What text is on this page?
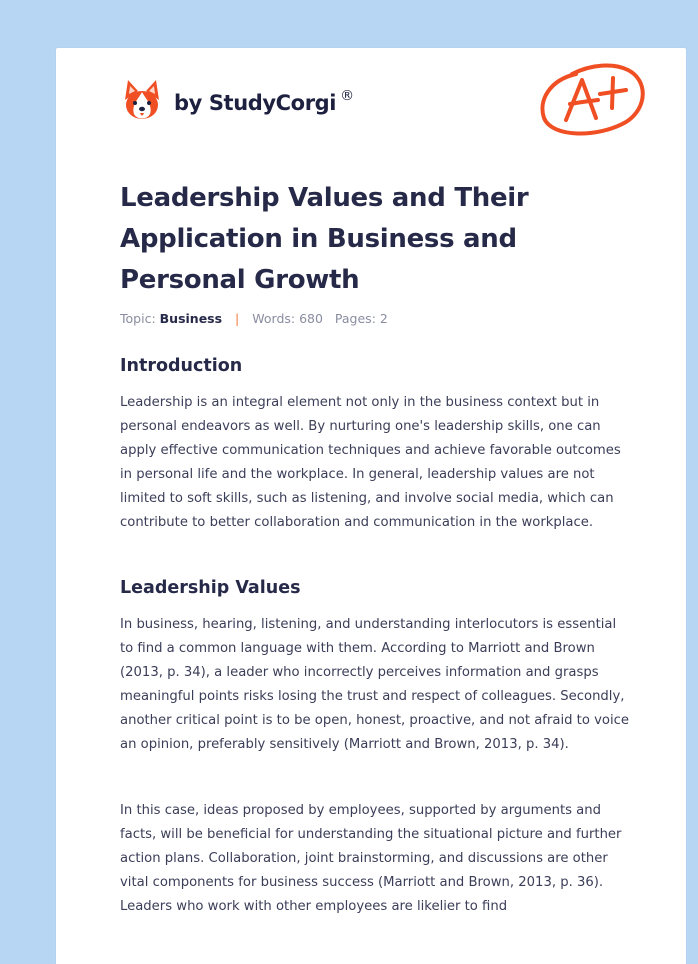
by StudyCorgi ®
A+
Leadership Values and Their Application in Business and Personal Growth
Topic: Business | Words: 680 Pages: 2
Introduction

Leadership is an integral element not only in the business context but in personal endeavors as well. By nurturing one's leadership skills, one can apply effective communication techniques and achieve favorable outcomes in personal life and the workplace. In general, leadership values are not limited to soft skills, such as listening, and involve social media, which can contribute to better collaboration and communication in the workplace.

Leadership Values

In business, hearing, listening, and understanding interlocutors is essential to find a common language with them. According to Marriott and Brown (2013, p. 34), a leader who incorrectly perceives information and grasps meaningful points risks losing the trust and respect of colleagues. Secondly, another critical point is to be open, honest, proactive, and not afraid to voice an opinion, preferably sensitively (Marriott and Brown, 2013, p. 34).

In this case, ideas proposed by employees, supported by arguments and facts, will be beneficial for understanding the situational picture and further action plans. Collaboration, joint brainstorming, and discussions are other vital components for business success (Marriott and Brown, 2013, p. 36). Leaders who work with other employees are likelier to find
